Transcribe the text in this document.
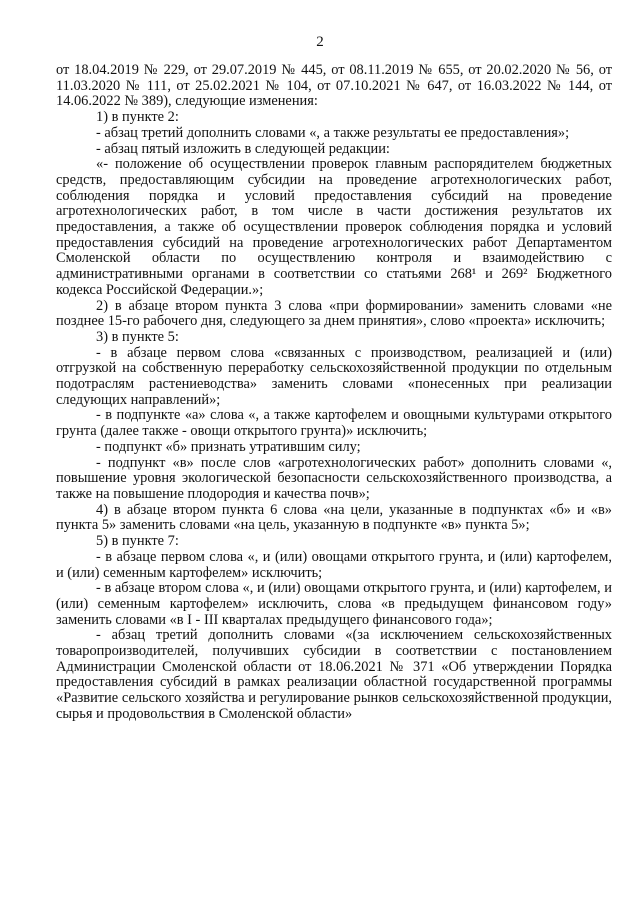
2

от 18.04.2019 № 229, от 29.07.2019 № 445, от 08.11.2019 № 655, от 20.02.2020 № 56, от 11.03.2020 № 111, от 25.02.2021 № 104, от 07.10.2021 № 647, от 16.03.2022 № 144, от 14.06.2022 № 389), следующие изменения:

1) в пункте 2:

- абзац третий дополнить словами «, а также результаты ее предоставления»;

- абзац пятый изложить в следующей редакции:

«- положение об осуществлении проверок главным распорядителем бюджетных средств, предоставляющим субсидии на проведение агротехнологических работ, соблюдения порядка и условий предоставления субсидий на проведение агротехнологических работ, в том числе в части достижения результатов их предоставления, а также об осуществлении проверок соблюдения порядка и условий предоставления субсидий на проведение агротехнологических работ Департаментом Смоленской области по осуществлению контроля и взаимодействию с административными органами в соответствии со статьями 268¹ и 269² Бюджетного кодекса Российской Федерации.»;

2) в абзаце втором пункта 3 слова «при формировании» заменить словами «не позднее 15-го рабочего дня, следующего за днем принятия», слово «проекта» исключить;

3) в пункте 5:

- в абзаце первом слова «связанных с производством, реализацией и (или) отгрузкой на собственную переработку сельскохозяйственной продукции по отдельным подотраслям растениеводства» заменить словами «понесенных при реализации следующих направлений»;

- в подпункте «а» слова «, а также картофелем и овощными культурами открытого грунта (далее также - овощи открытого грунта)» исключить;

- подпункт «б» признать утратившим силу;

- подпункт «в» после слов «агротехнологических работ» дополнить словами «, повышение уровня экологической безопасности сельскохозяйственного производства, а также на повышение плодородия и качества почв»;

4) в абзаце втором пункта 6 слова «на цели, указанные в подпунктах «б» и «в» пункта 5» заменить словами «на цель, указанную в подпункте «в» пункта 5»;

5) в пункте 7:

- в абзаце первом слова «, и (или) овощами открытого грунта, и (или) картофелем, и (или) семенным картофелем» исключить;

- в абзаце втором слова «, и (или) овощами открытого грунта, и (или) картофелем, и (или) семенным картофелем» исключить, слова «в предыдущем финансовом году» заменить словами «в I - III кварталах предыдущего финансового года»;

- абзац третий дополнить словами «(за исключением сельскохозяйственных товаропроизводителей, получивших субсидии в соответствии с постановлением Администрации Смоленской области от 18.06.2021 № 371 «Об утверждении Порядка предоставления субсидий в рамках реализации областной государственной программы «Развитие сельского хозяйства и регулирование рынков сельскохозяйственной продукции, сырья и продовольствия в Смоленской области»
